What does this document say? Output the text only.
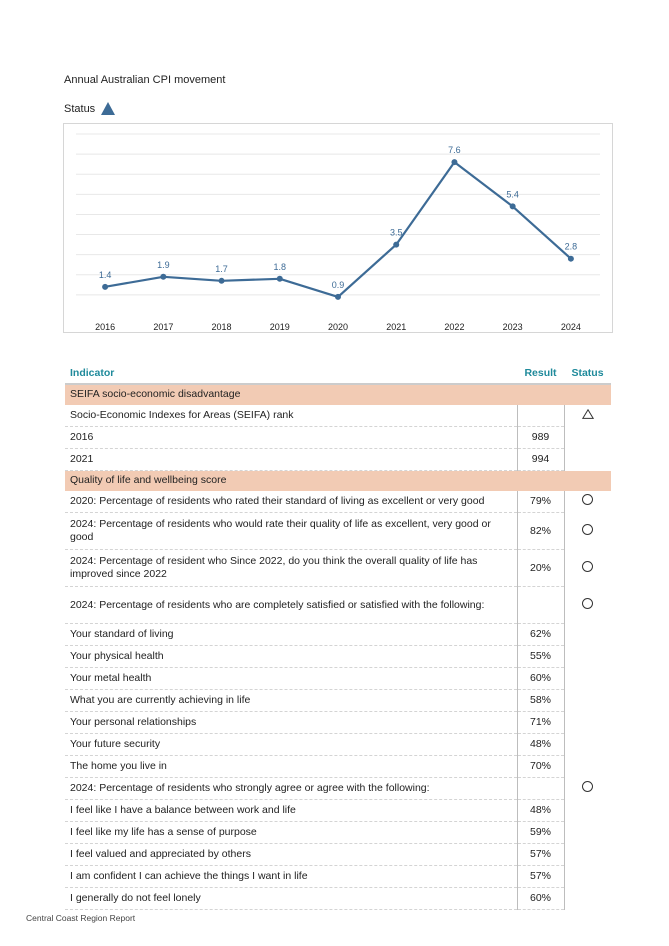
Annual Australian CPI movement
Status
1.4
1.9	1.7	1.8
0.9
3.5
7.6
5.4
2.8
2016	2017	2018	2019	2020	2021	2022	2023	2024
Indicator	Result	Status
SEIFA socio-economic disadvantage		
Socio-Economic Indexes for Areas (SEIFA) rank		

2016	989	
2021	994	
Quality of life and wellbeing score		
2020: Percentage of residents who rated their standard of living as excellent or very good	79%	
2024: Percentage of residents who would rate their quality of life as excellent, very good or good	82%	
2024: Percentage of resident who Since 2022, do you think the overall quality of life has improved since 2022	20%	
2024: Percentage of residents who are completely satisfied or satisfied with the following:		
Your standard of living	62%	
Your physical health	55%	
Your metal health	60%	
What you are currently achieving in life	58%	
Your personal relationships	71%	
Your future security	48%	
The home you live in	70%	
2024: Percentage of residents who strongly agree or agree with the following:		
I feel like I have a balance between work and life	48%	
I feel like my life has a sense of purpose	59%	
I feel valued and appreciated by others	57%	
I am confident I can achieve the things I want in life	57%	
I generally do not feel lonely	60%	
Central Coast Region Report
